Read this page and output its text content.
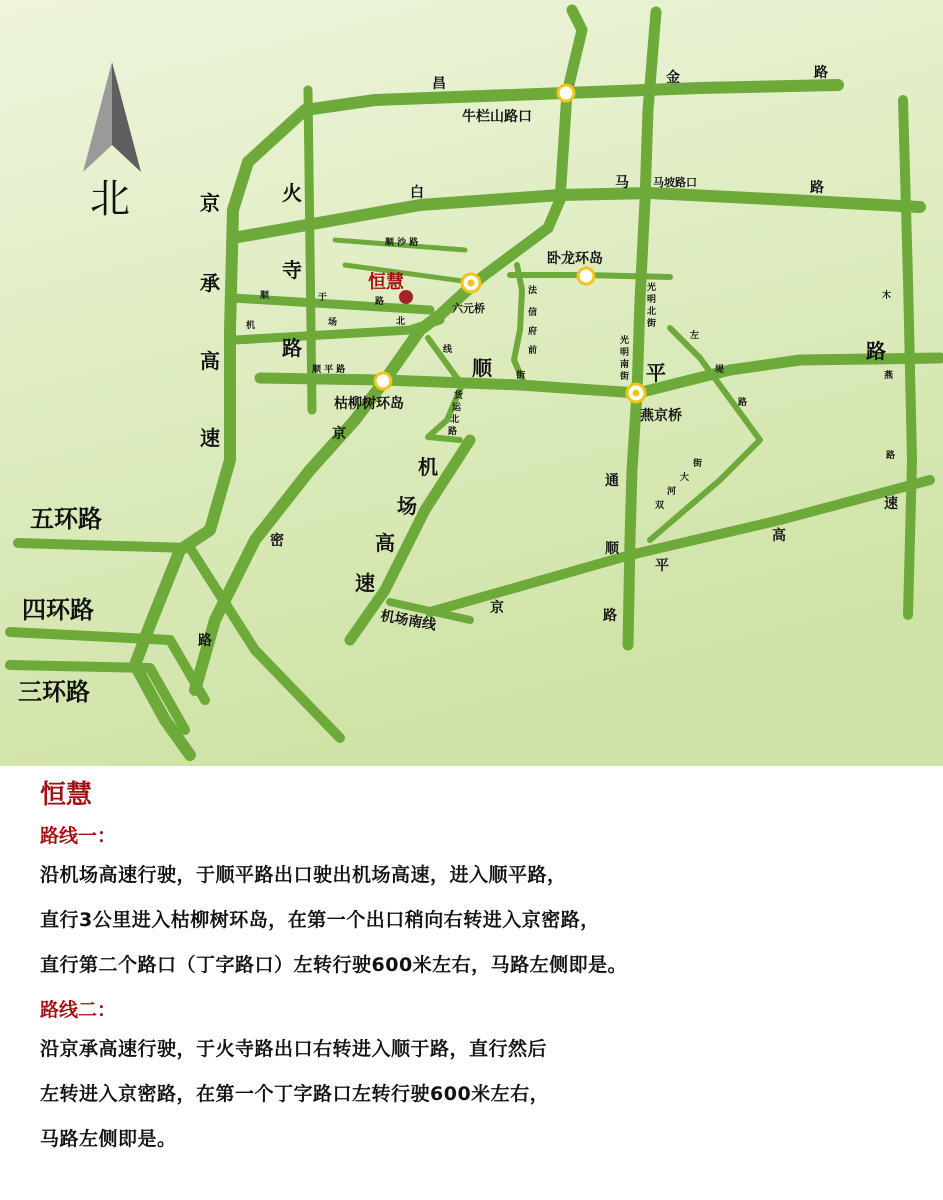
北
恒慧
五环路
四环路
三环路
牛栏山路口
马坡路口
卧龙环岛
六元桥
枯柳树环岛
燕京桥
昌	金	路
白
马	路
京
承
高
速
火
寺
路
顺 沙 路
顺	于	路
机	场	北
线
顺 平 路	顺	平
路
京
密
路
机
场
高
速
机场南线
法
信
府
前
街
货
运
北
路
光
明
北
街
光
明
南
街
左
堤
路
双
河
大
街
通
顺
路
木
燕
路
京
平
高
速
恒慧
路线一：
沿机场高速行驶，于顺平路出口驶出机场高速，进入顺平路，
直行3公里进入枯柳树环岛，在第一个出口稍向右转进入京密路，
直行第二个路口（丁字路口）左转行驶600米左右，马路左侧即是。
路线二：
沿京承高速行驶，于火寺路出口右转进入顺于路，直行然后
左转进入京密路，在第一个丁字路口左转行驶600米左右，
马路左侧即是。
